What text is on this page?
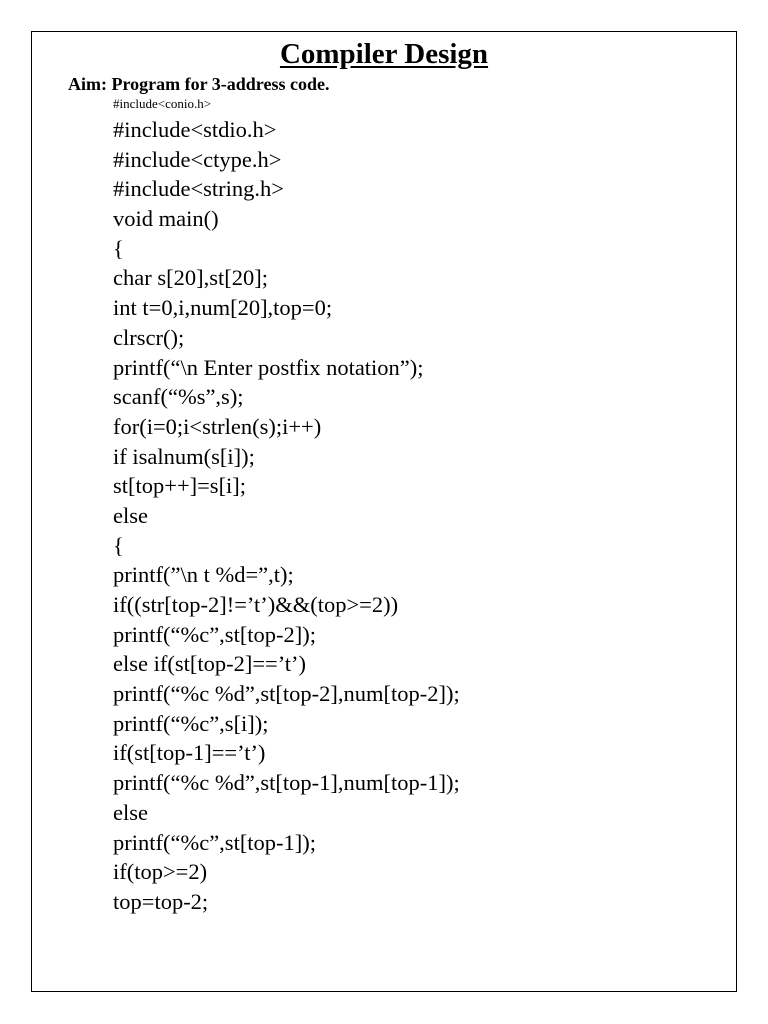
Compiler Design

Aim: Program for 3-address code.

#include<conio.h>

#include<stdio.h>
#include<ctype.h>
#include<string.h>
void main()
{
char s[20],st[20];
int t=0,i,num[20],top=0;
clrscr();
printf(“\n Enter postfix notation”);
scanf(“%s”,s);
for(i=0;i<strlen(s);i++)
if isalnum(s[i]);
st[top++]=s[i];
else
{
printf(”\n t %d=”,t);
if((str[top-2]!=’t’)&&(top>=2))
printf(“%c”,st[top-2]);
else if(st[top-2]==’t’)
printf(“%c %d”,st[top-2],num[top-2]);
printf(“%c”,s[i]);
if(st[top-1]==’t’)
printf(“%c %d”,st[top-1],num[top-1]);
else
printf(“%c”,st[top-1]);
if(top>=2)
top=top-2;
